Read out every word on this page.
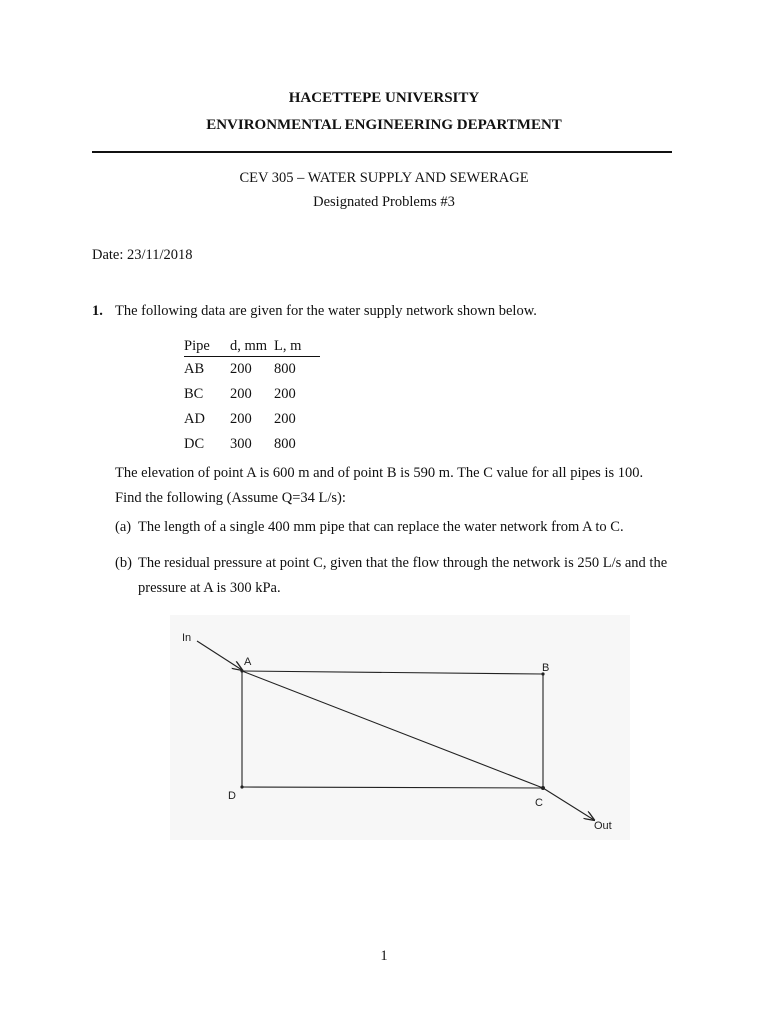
HACETTEPE UNIVERSITY
ENVIRONMENTAL ENGINEERING DEPARTMENT
CEV 305 – WATER SUPPLY AND SEWERAGE
Designated Problems #3
Date: 23/11/2018
1. The following data are given for the water supply network shown below.
Pipe	d, mm	L, m
AB	200	800
BC	200	200
AD	200	200
DC	300	800
The elevation of point A is 600 m and of point B is 590 m. The C value for all pipes is 100.
Find the following (Assume Q=34 L/s):
(a) The length of a single 400 mm pipe that can replace the water network from A to C.
(b) The residual pressure at point C, given that the flow through the network is 250 L/s and the
pressure at A is 300 kPa.
In
A	B
C
D
Out
1
